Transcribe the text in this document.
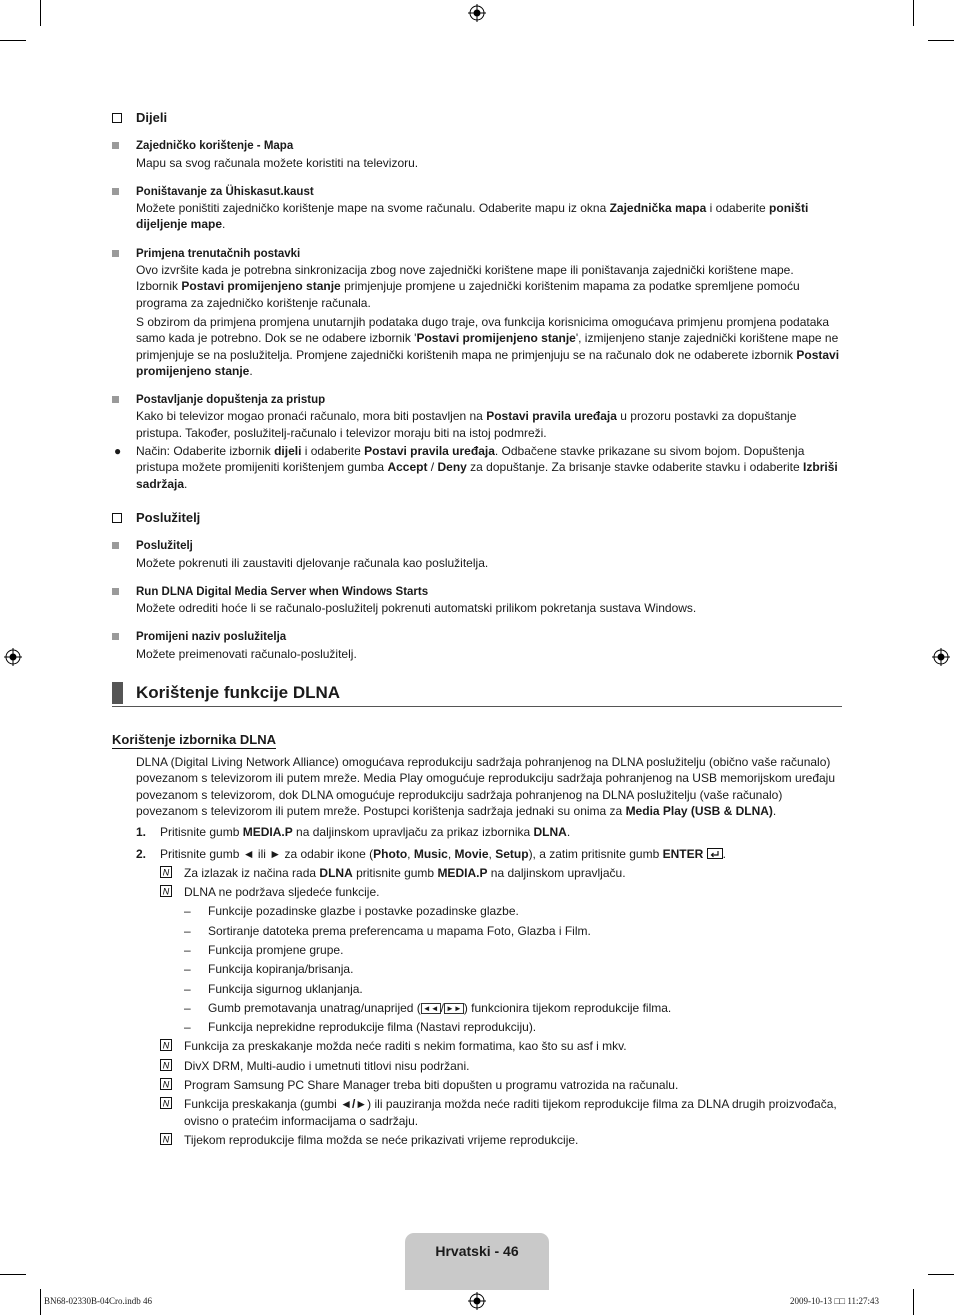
Dijeli
Zajedničko korištenje - Mapa

Mapu sa svog računala možete koristiti na televizoru.

Poništavanje za Ühiskasut.kaust

Možete poništiti zajedničko korištenje mape na svome računalu. Odaberite mapu iz okna Zajednička mapa i odaberite poništi dijeljenje mape.

Primjena trenutačnih postavki

Ovo izvršite kada je potrebna sinkronizacija zbog nove zajednički korištene mape ili poništavanja zajednički korištene mape.

Izbornik Postavi promijenjeno stanje primjenjuje promjene u zajednički korištenim mapama za podatke spremljene pomoću programa za zajedničko korištenje računala.

S obzirom da primjena promjena unutarnjih podataka dugo traje, ova funkcija korisnicima omogućava primjenu promjena podataka samo kada je potrebno. Dok se ne odabere izbornik 'Postavi promijenjeno stanje', izmijenjeno stanje zajednički korištene mape ne primjenjuje se na poslužitelja. Promjene zajednički korištenih mapa ne primjenjuju se na računalo dok ne odaberete izbornik Postavi promijenjeno stanje.

Postavljanje dopuštenja za pristup

Kako bi televizor mogao pronaći računalo, mora biti postavljen na Postavi pravila uređaja u prozoru postavki za dopuštanje pristupa. Također, poslužitelj-računalo i televizor moraju biti na istoj podmreži.

● Način: Odaberite izbornik dijeli i odaberite Postavi pravila uređaja. Odbačene stavke prikazane su sivom bojom. Dopuštenja pristupa možete promijeniti korištenjem gumba Accept / Deny za dopuštanje. Za brisanje stavke odaberite stavku i odaberite Izbriši sadržaja.

Poslužitelj
Poslužitelj

Možete pokrenuti ili zaustaviti djelovanje računala kao poslužitelja.

Run DLNA Digital Media Server when Windows Starts

Možete odrediti hoće li se računalo-poslužitelj pokrenuti automatski prilikom pokretanja sustava Windows.

Promijeni naziv poslužitelja

Možete preimenovati računalo-poslužitelj.

Korištenje funkcije DLNA
Korištenje izbornika DLNA

DLNA (Digital Living Network Alliance) omogućava reprodukciju sadržaja pohranjenog na DLNA poslužitelju (obično vaše računalo) povezanom s televizorom ili putem mreže. Media Play omogućuje reprodukciju sadržaja pohranjenog na USB memorijskom uređaju povezanom s televizorom, dok DLNA omogućuje reprodukciju sadržaja pohranjenog na DLNA poslužitelju (vaše računalo) povezanom s televizorom ili putem mreže. Postupci korištenja sadržaja jednaki su onima za Media Play (USB & DLNA).

1. Pritisnite gumb MEDIA.P na daljinskom upravljaču za prikaz izbornika DLNA.
2. Pritisnite gumb ◄ ili ► za odabir ikone (Photo, Music, Movie, Setup), a zatim pritisnite gumb ENTER .
N Za izlazak iz načina rada DLNA pritisnite gumb MEDIA.P na daljinskom upravljaču.
N DLNA ne podržava sljedeće funkcije.
– Funkcije pozadinske glazbe i postavke pozadinske glazbe.
– Sortiranje datoteka prema preferencama u mapama Foto, Glazba i Film.
– Funkcija promjene grupe.
– Funkcija kopiranja/brisanja.
– Funkcija sigurnog uklanjanja.
– Gumb premotavanja unatrag/unaprijed ( ◄◄ / ►► ) funkcionira tijekom reprodukcije filma.
– Funkcija neprekidne reprodukcije filma (Nastavi reprodukciju).
N Funkcija za preskakanje možda neće raditi s nekim formatima, kao što su asf i mkv.
N DivX DRM, Multi-audio i umetnuti titlovi nisu podržani.
N Program Samsung PC Share Manager treba biti dopušten u programu vatrozida na računalu.
N Funkcija preskakanja (gumbi ◄/►) ili pauziranja možda neće raditi tijekom reprodukcije filma za DLNA drugih proizvođača, ovisno o pratećim informacijama o sadržaju.
N Tijekom reprodukcije filma možda se neće prikazivati vrijeme reprodukcije.
Hrvatski - 46
BN68-02330B-04Cro.indb 46	2009-10-13 □□ 11:27:43
